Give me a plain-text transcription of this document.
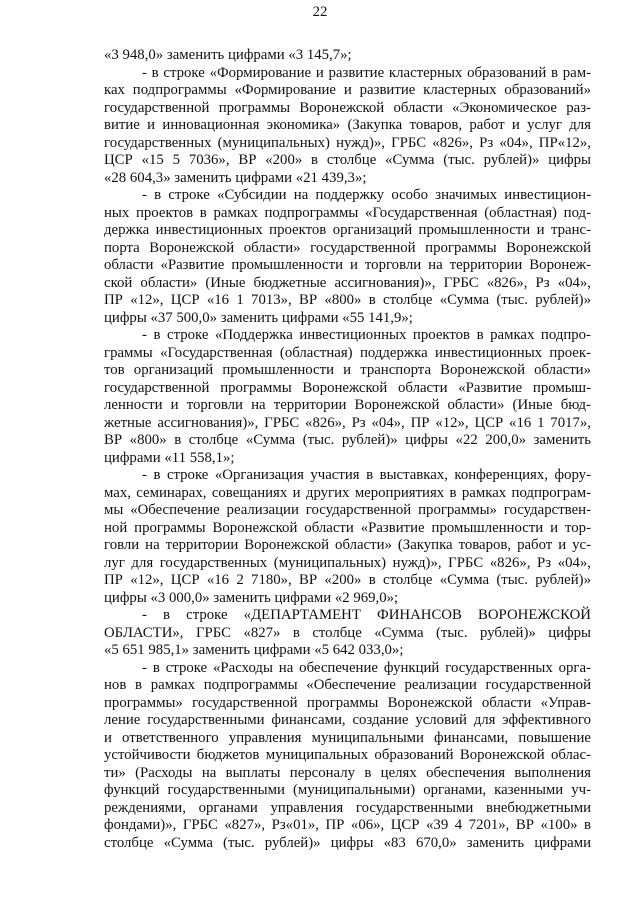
22
«3 948,0» заменить цифрами «3 145,7»;
- в строке «Формирование и развитие кластерных образований в рам-
ках подпрограммы «Формирование и развитие кластерных образований»
государственной программы Воронежской области «Экономическое раз-
витие и инновационная экономика» (Закупка товаров, работ и услуг для
государственных (муниципальных) нужд)», ГРБС «826», Рз «04», ПР«12»,
ЦСР «15 5 7036», ВР «200» в столбце «Сумма (тыс. рублей)» цифры
«28 604,3» заменить цифрами «21 439,3»;
- в строке «Субсидии на поддержку особо значимых инвестицион-
ных проектов в рамках подпрограммы «Государственная (областная) под-
держка инвестиционных проектов организаций промышленности и транс-
порта Воронежской области» государственной программы Воронежской
области «Развитие промышленности и торговли на территории Воронеж-
ской области» (Иные бюджетные ассигнования)», ГРБС «826», Рз «04»,
ПР «12», ЦСР «16 1 7013», ВР «800» в столбце «Сумма (тыс. рублей)»
цифры «37 500,0» заменить цифрами «55 141,9»;
- в строке «Поддержка инвестиционных проектов в рамках подпро-
граммы «Государственная (областная) поддержка инвестиционных проек-
тов организаций промышленности и транспорта Воронежской области»
государственной программы Воронежской области «Развитие промыш-
ленности и торговли на территории Воронежской области» (Иные бюд-
жетные ассигнования)», ГРБС «826», Рз «04», ПР «12», ЦСР «16 1 7017»,
ВР «800» в столбце «Сумма (тыс. рублей)» цифры «22 200,0» заменить
цифрами «11 558,1»;
- в строке «Организация участия в выставках, конференциях, фору-
мах, семинарах, совещаниях и других мероприятиях в рамках подпрограм-
мы «Обеспечение реализации государственной программы» государствен-
ной программы Воронежской области «Развитие промышленности и тор-
говли на территории Воронежской области» (Закупка товаров, работ и ус-
луг для государственных (муниципальных) нужд)», ГРБС «826», Рз «04»,
ПР «12», ЦСР «16 2 7180», ВР «200» в столбце «Сумма (тыс. рублей)»
цифры «3 000,0» заменить цифрами «2 969,0»;
- в строке «ДЕПАРТАМЕНТ ФИНАНСОВ ВОРОНЕЖСКОЙ
ОБЛАСТИ», ГРБС «827» в столбце «Сумма (тыс. рублей)» цифры
«5 651 985,1» заменить цифрами «5 642 033,0»;
- в строке «Расходы на обеспечение функций государственных орга-
нов в рамках подпрограммы «Обеспечение реализации государственной
программы» государственной программы Воронежской области «Управ-
ление государственными финансами, создание условий для эффективного
и ответственного управления муниципальными финансами, повышение
устойчивости бюджетов муниципальных образований Воронежской облас-
ти» (Расходы на выплаты персоналу в целях обеспечения выполнения
функций государственными (муниципальными) органами, казенными уч-
реждениями, органами управления государственными внебюджетными
фондами)», ГРБС «827», Рз«01», ПР «06», ЦСР «39 4 7201», ВР «100» в
столбце «Сумма (тыс. рублей)» цифры «83 670,0» заменить цифрами
